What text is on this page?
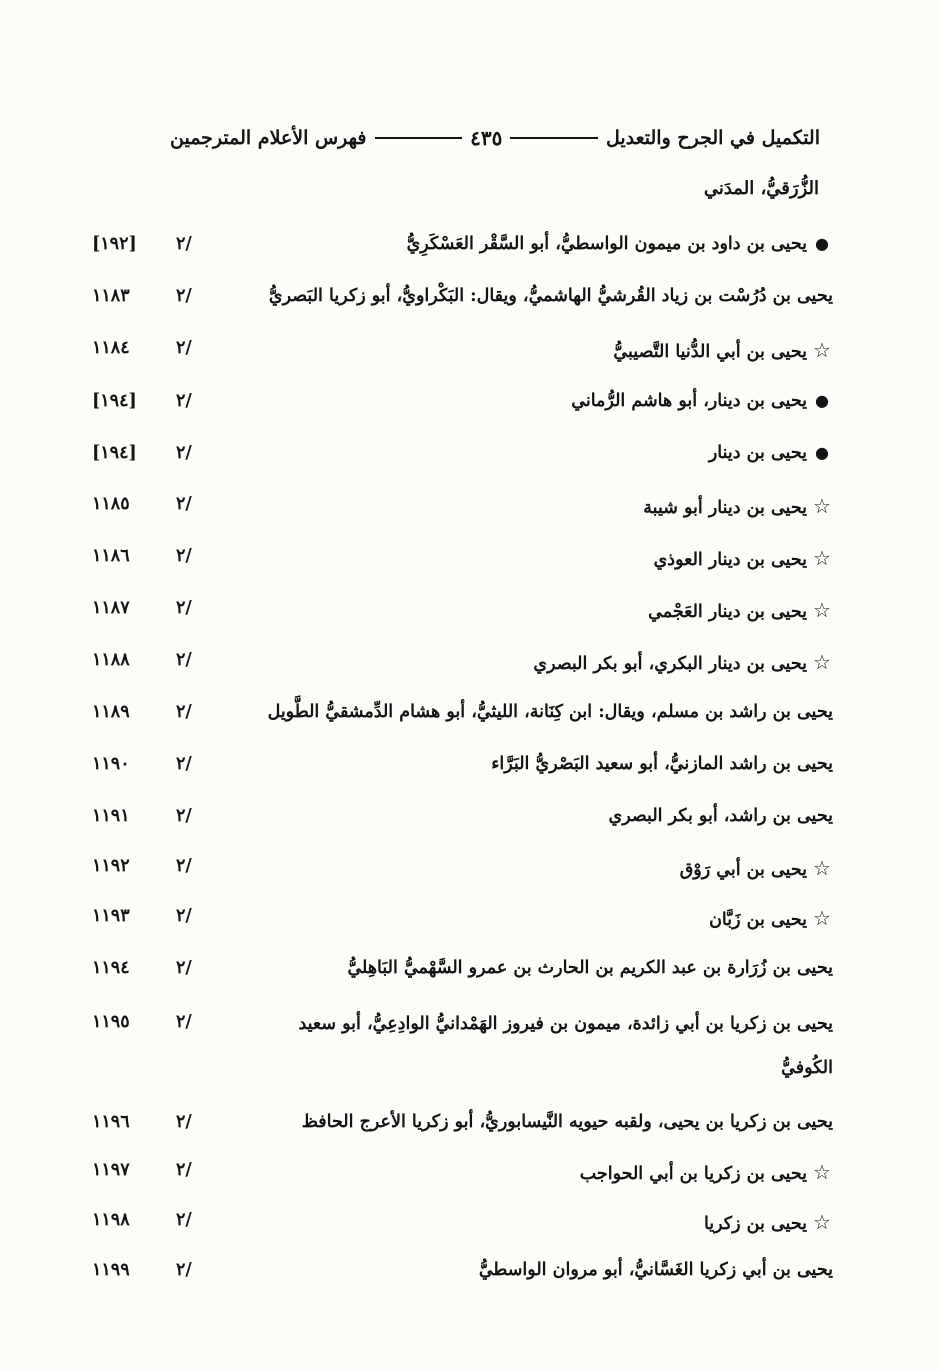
التكميل في الجرح والتعديل
٤٣٥
فهرس الأعلام المترجمين
الزُّرَقيُّ، المدَني
●يحيى بن داود بن ميمون الواسطيُّ، أبو السَّقْر العَسْكَرِيُّ
٢/
[١٩٢]
يحيى بن دُرُسْت بن زياد القُرشيُّ الهاشميُّ، ويقال: البَكْراويُّ، أبو زكريا البَصريُّ
٢/
١١٨٣
☆يحيى بن أبي الدُّنيا التَّصيبيُّ
٢/
١١٨٤
●يحيى بن دينار، أبو هاشم الرُّماني
٢/
[١٩٤]
●يحيى بن دينار
٢/
[١٩٤]
☆يحيى بن دينار أبو شيبة
٢/
١١٨٥
☆يحيى بن دينار العوذي
٢/
١١٨٦
☆يحيى بن دينار العَجْمي
٢/
١١٨٧
☆يحيى بن دينار البكري، أبو بكر البصري
٢/
١١٨٨
يحيى بن راشد بن مسلم، ويقال: ابن كِنَانة، الليثيُّ، أبو هشام الدِّمشقيُّ الطَّويل
٢/
١١٨٩
يحيى بن راشد المازنيُّ، أبو سعيد البَصْريُّ البَرَّاء
٢/
١١٩٠
يحيى بن راشد، أبو بكر البصري
٢/
١١٩١
☆يحيى بن أبي رَوْق
٢/
١١٩٢
☆يحيى بن زَبَّان
٢/
١١٩٣
يحيى بن زُرَارة بن عبد الكريم بن الحارث بن عمرو السَّهْميُّ البَاهِليُّ
٢/
١١٩٤
يحيى بن زكريا بن أبي زائدة، ميمون بن فيروز الهَمْدانيُّ الوادِعِيُّ، أبو سعيد الكُوفيُّ
٢/
١١٩٥
يحيى بن زكريا بن يحيى، ولقبه حيويه النَّيسابوريُّ، أبو زكريا الأعرج الحافظ
٢/
١١٩٦
☆يحيى بن زكريا بن أبي الحواجب
٢/
١١٩٧
☆يحيى بن زكريا
٢/
١١٩٨
يحيى بن أبي زكريا الغَسَّانيُّ، أبو مروان الواسطيُّ
٢/
١١٩٩
